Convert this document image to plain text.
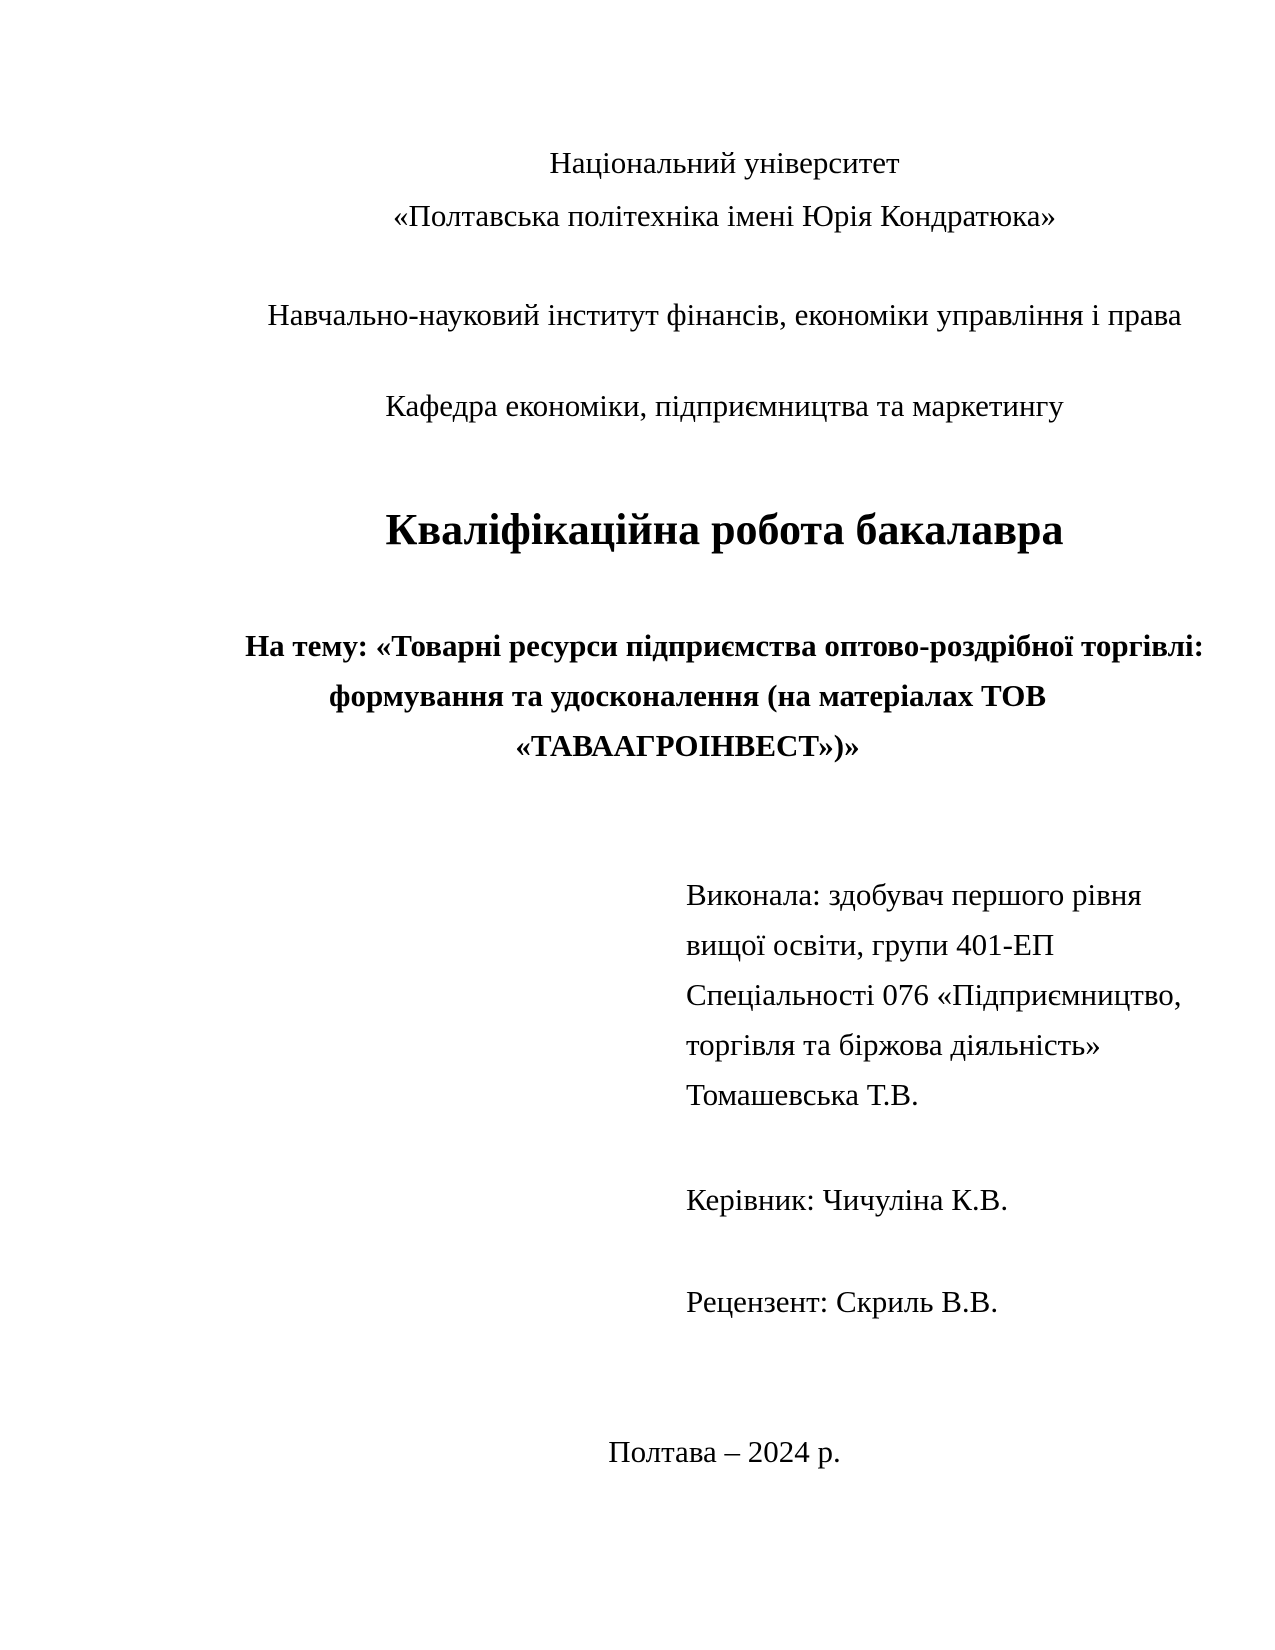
Національний університет
«Полтавська політехніка імені Юрія Кондратюка»
Навчально-науковий інститут фінансів, економіки управління і права
Кафедра економіки, підприємництва та маркетингу
Кваліфікаційна робота бакалавра
На тему: «Товарні ресурси підприємства оптово-роздрібної торгівлі:
формування та удосконалення (на матеріалах ТОВ
«ТАВААГРОІНВЕСТ»)»
Виконала: здобувач першого рівня
вищої освіти, групи 401-ЕП
Спеціальності 076 «Підприємництво,
торгівля та біржова діяльність»
Томашевська Т.В.
Керівник: Чичуліна К.В.
Рецензент: Скриль В.В.
Полтава – 2024 р.
